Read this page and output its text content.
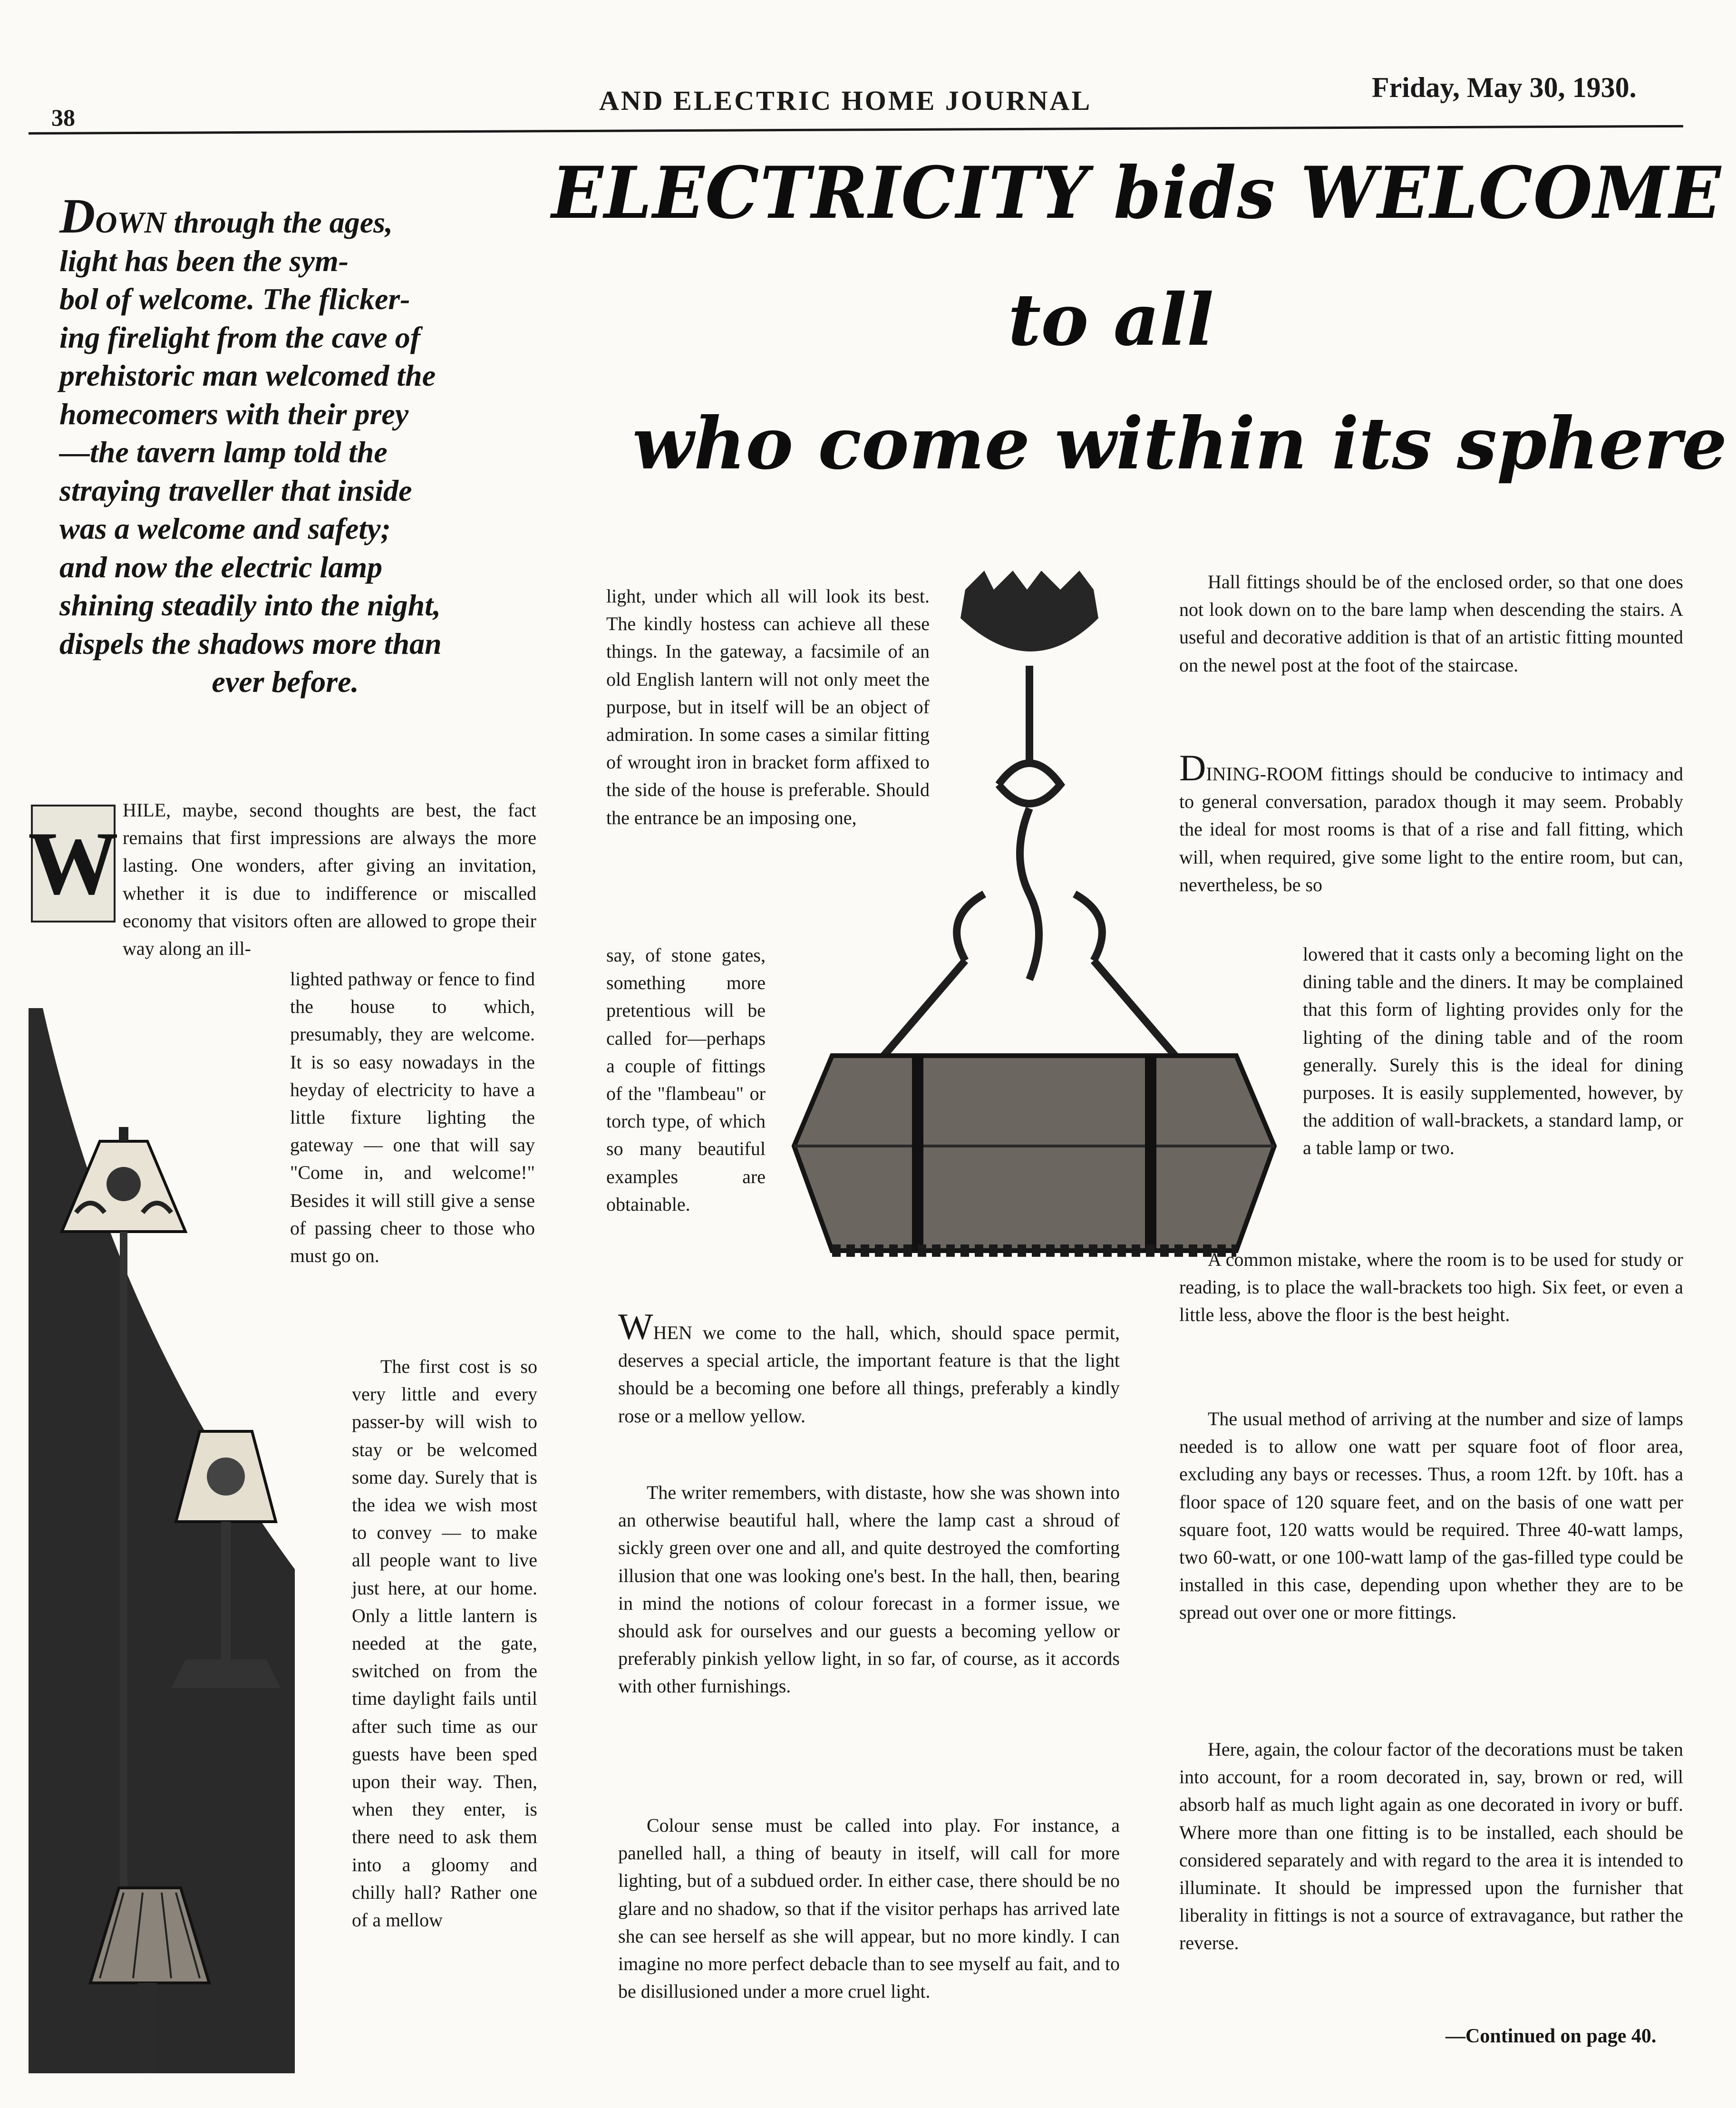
38
AND ELECTRIC HOME JOURNAL	Friday, May 30, 1930.
ELECTRICITY bids WELCOME
to all
who come within its sphere
DOWN through the ages,
light has been the sym-
bol of welcome. The flicker-
ing firelight from the cave of
prehistoric man welcomed the
homecomers with their prey
—the tavern lamp told the
straying traveller that inside
was a welcome and safety;
and now the electric lamp
shining steadily into the night,
dispels the shadows more than
ever before.
W
HILE, maybe, second thoughts are best, the fact remains that first impressions are always the more lasting. One wonders, after giving an invitation, whether it is due to indifference or miscalled economy that visitors often are allowed to grope their way along an ill-
lighted pathway or fence to find the house to which, presumably, they are welcome. It is so easy nowadays in the heyday of electricity to have a little fixture lighting the gateway — one that will say "Come in, and welcome!" Besides it will still give a sense of passing cheer to those who must go on.
The first cost is so very little and every passer-by will wish to stay or be welcomed some day. Surely that is the idea we wish most to convey — to make all people want to live just here, at our home. Only a little lantern is needed at the gate, switched on from the time daylight fails until after such time as our guests have been sped upon their way. Then, when they enter, is there need to ask them into a gloomy and chilly hall? Rather one of a mellow
light, under which all will look its best. The kindly hostess can achieve all these things. In the gateway, a facsimile of an old English lantern will not only meet the purpose, but in itself will be an object of admiration. In some cases a similar fitting of wrought iron in bracket form affixed to the side of the house is preferable. Should the entrance be an imposing one,
say, of stone gates, something more pretentious will be called for—perhaps a couple of fittings of the "flambeau" or torch type, of which so many beautiful examples are obtainable.
WHEN we come to the hall, which, should space permit, deserves a special article, the important feature is that the light should be a becoming one before all things, preferably a kindly rose or a mellow yellow.
The writer remembers, with distaste, how she was shown into an otherwise beautiful hall, where the lamp cast a shroud of sickly green over one and all, and quite destroyed the comforting illusion that one was looking one's best. In the hall, then, bearing in mind the notions of colour forecast in a former issue, we should ask for ourselves and our guests a becoming yellow or preferably pinkish yellow light, in so far, of course, as it accords with other furnishings.
Colour sense must be called into play. For instance, a panelled hall, a thing of beauty in itself, will call for more lighting, but of a subdued order. In either case, there should be no glare and no shadow, so that if the visitor perhaps has arrived late she can see herself as she will appear, but no more kindly. I can imagine no more perfect debacle than to see myself au fait, and to be disillusioned under a more cruel light.
Hall fittings should be of the enclosed order, so that one does not look down on to the bare lamp when descending the stairs. A useful and decorative addition is that of an artistic fitting mounted on the newel post at the foot of the staircase.
DINING-ROOM fittings should be conducive to intimacy and to general conversation, paradox though it may seem. Probably the ideal for most rooms is that of a rise and fall fitting, which will, when required, give some light to the entire room, but can, nevertheless, be so
lowered that it casts only a becoming light on the dining table and the diners. It may be complained that this form of lighting provides only for the lighting of the dining table and of the room generally. Surely this is the ideal for dining purposes. It is easily supplemented, however, by the addition of wall-brackets, a standard lamp, or a table lamp or two.
A common mistake, where the room is to be used for study or reading, is to place the wall-brackets too high. Six feet, or even a little less, above the floor is the best height.
The usual method of arriving at the number and size of lamps needed is to allow one watt per square foot of floor area, excluding any bays or recesses. Thus, a room 12ft. by 10ft. has a floor space of 120 square feet, and on the basis of one watt per square foot, 120 watts would be required. Three 40-watt lamps, two 60-watt, or one 100-watt lamp of the gas-filled type could be installed in this case, depending upon whether they are to be spread out over one or more fittings.
Here, again, the colour factor of the decorations must be taken into account, for a room decorated in, say, brown or red, will absorb half as much light again as one decorated in ivory or buff. Where more than one fitting is to be installed, each should be considered separately and with regard to the area it is intended to illuminate. It should be impressed upon the furnisher that liberality in fittings is not a source of extravagance, but rather the reverse.
—Continued on page 40.
